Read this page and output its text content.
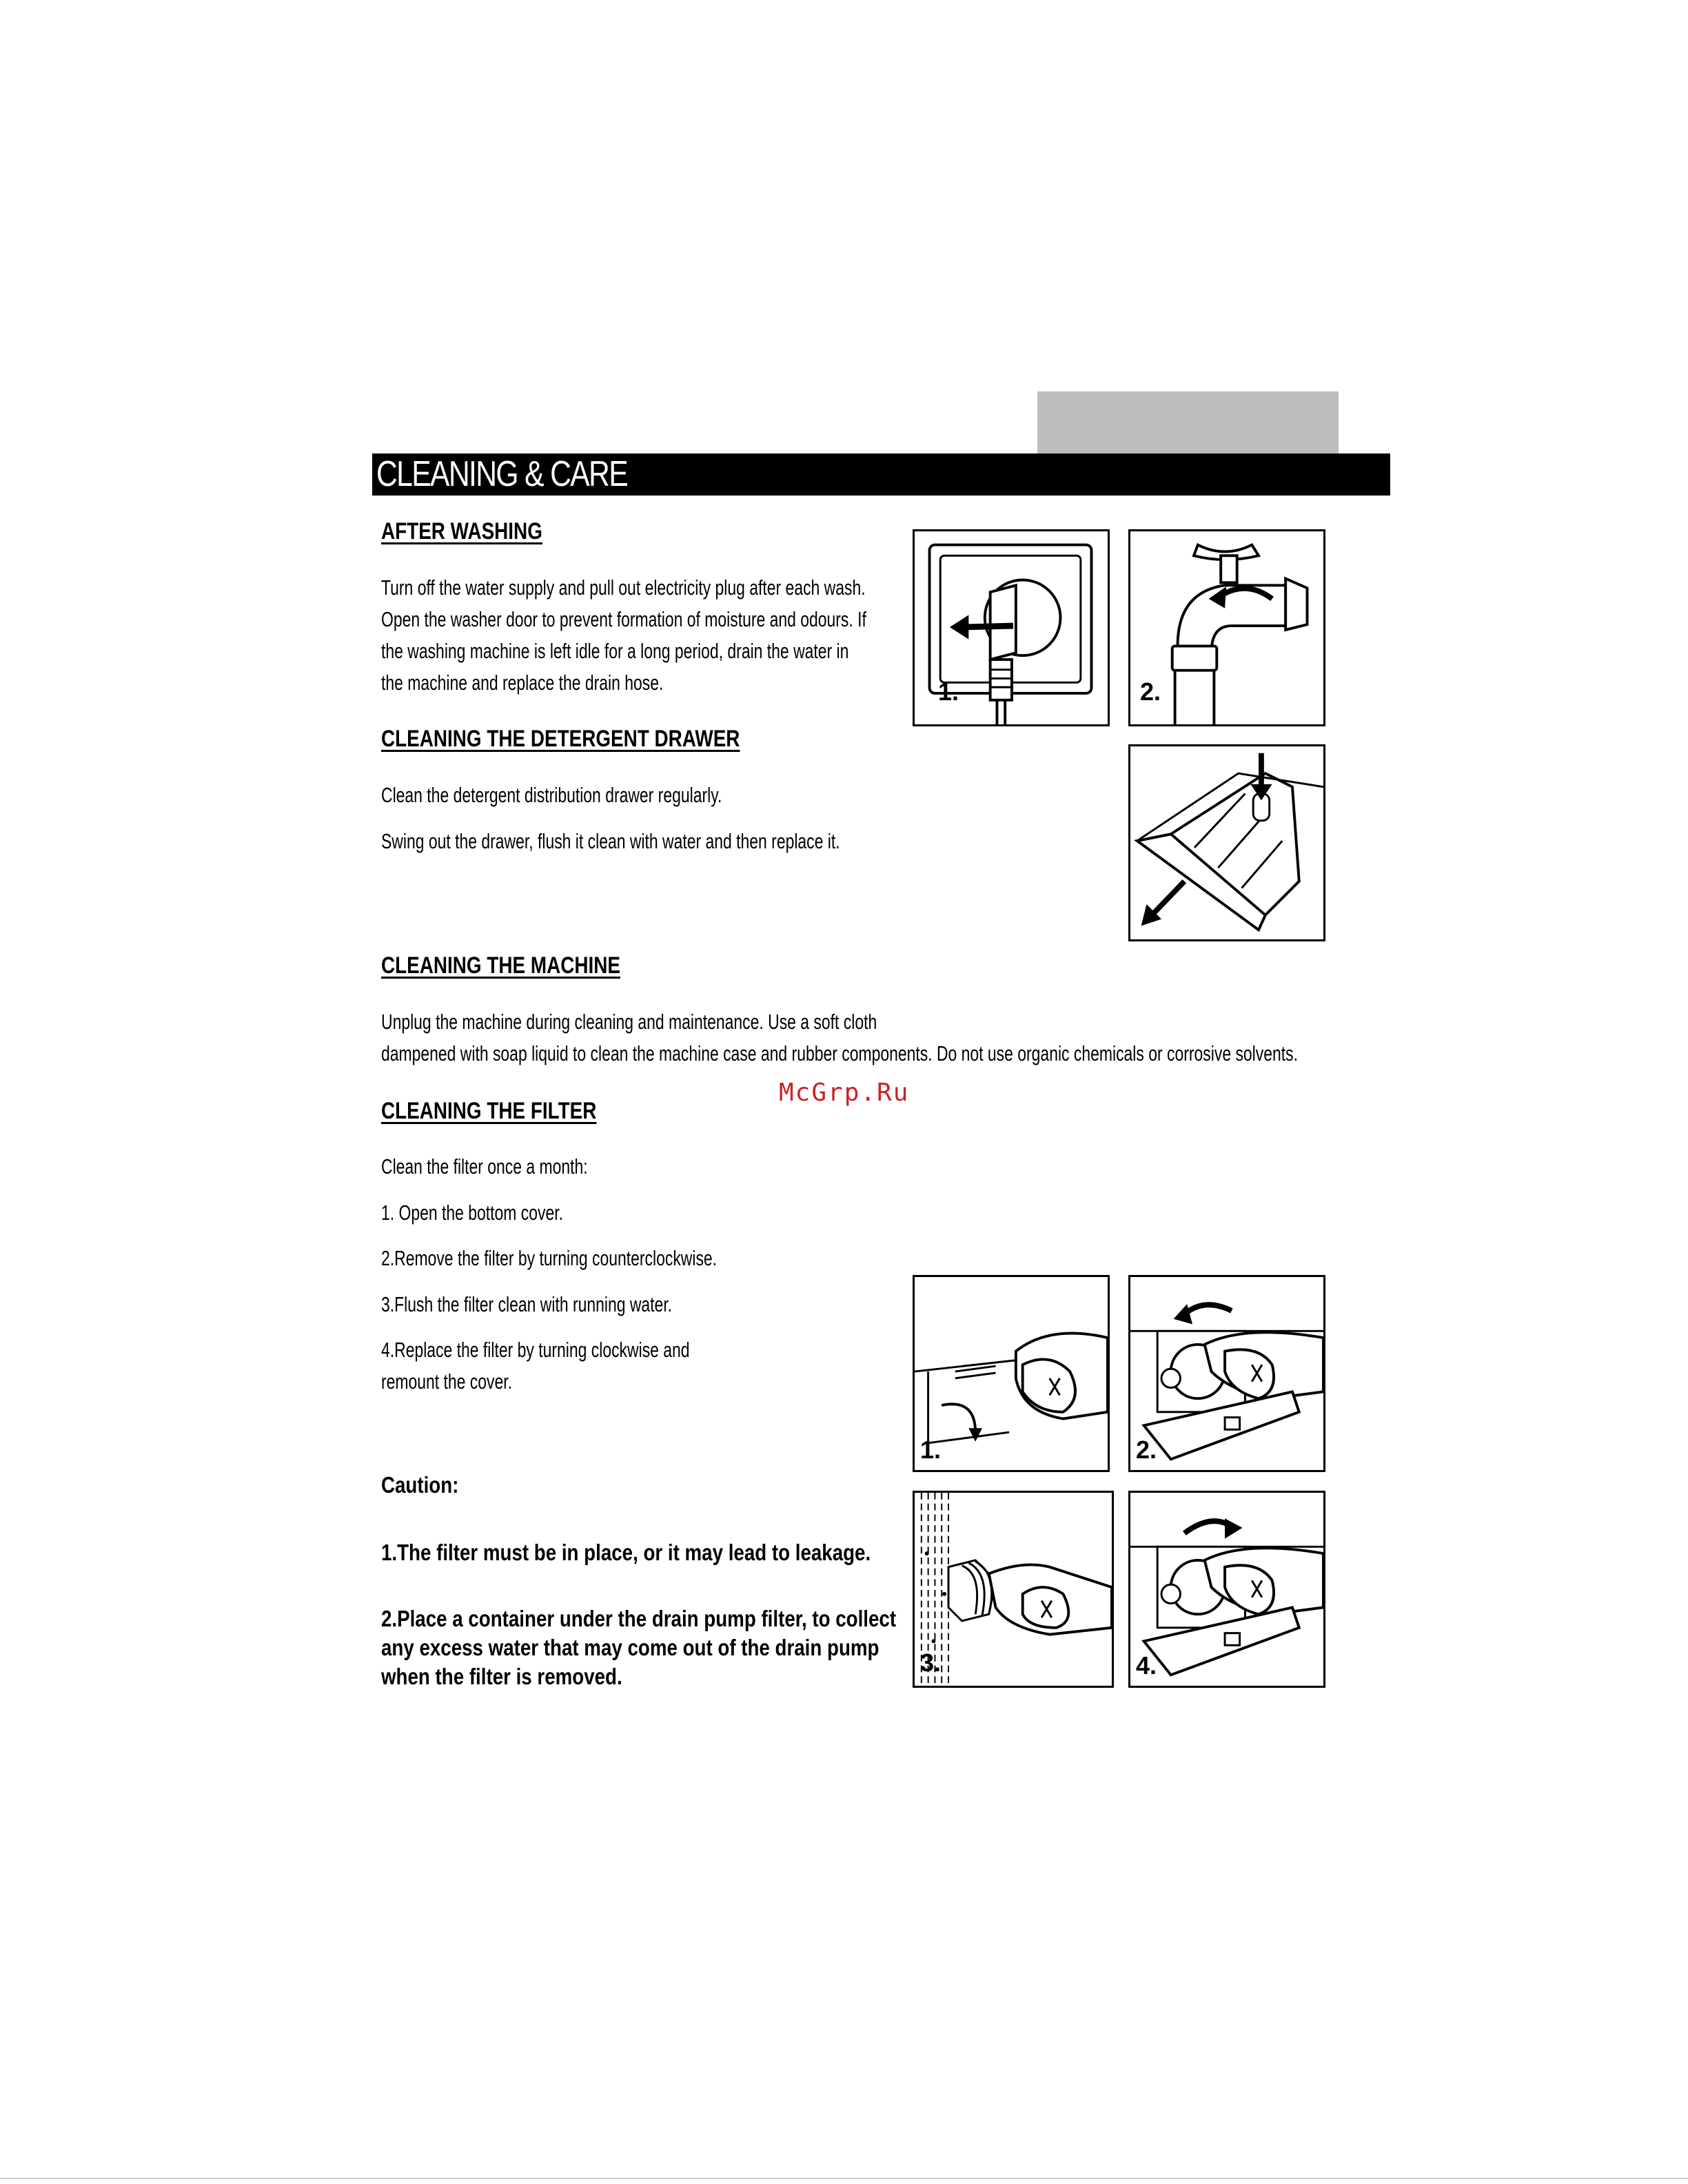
CLEANING & CARE
AFTER WASHING
Turn off the water supply and pull out electricity plug after each wash.
Open the washer door to prevent formation of moisture and odours. If
the washing machine is left idle for a long period, drain the water in
the machine and replace the drain hose.
CLEANING THE DETERGENT DRAWER
Clean the detergent distribution drawer regularly.
Swing out the drawer, flush it clean with water and then replace it.
CLEANING THE MACHINE
Unplug the machine during cleaning and maintenance. Use a soft cloth
dampened with soap liquid to clean the machine case and rubber components. Do not use organic chemicals or corrosive solvents.
McGrp.Ru
CLEANING THE FILTER
Clean the filter once a month:
1. Open the bottom cover.
2.Remove the filter by turning counterclockwise.
3.Flush the filter clean with running water.
4.Replace the filter by turning clockwise and
remount the cover.
Caution:
1.The filter must be in place, or it may lead to leakage.
2.Place a container under the drain pump filter, to collect
any excess water that may come out of the drain pump
when the filter is removed.
1.	2.
1.	2.
3.	4.
